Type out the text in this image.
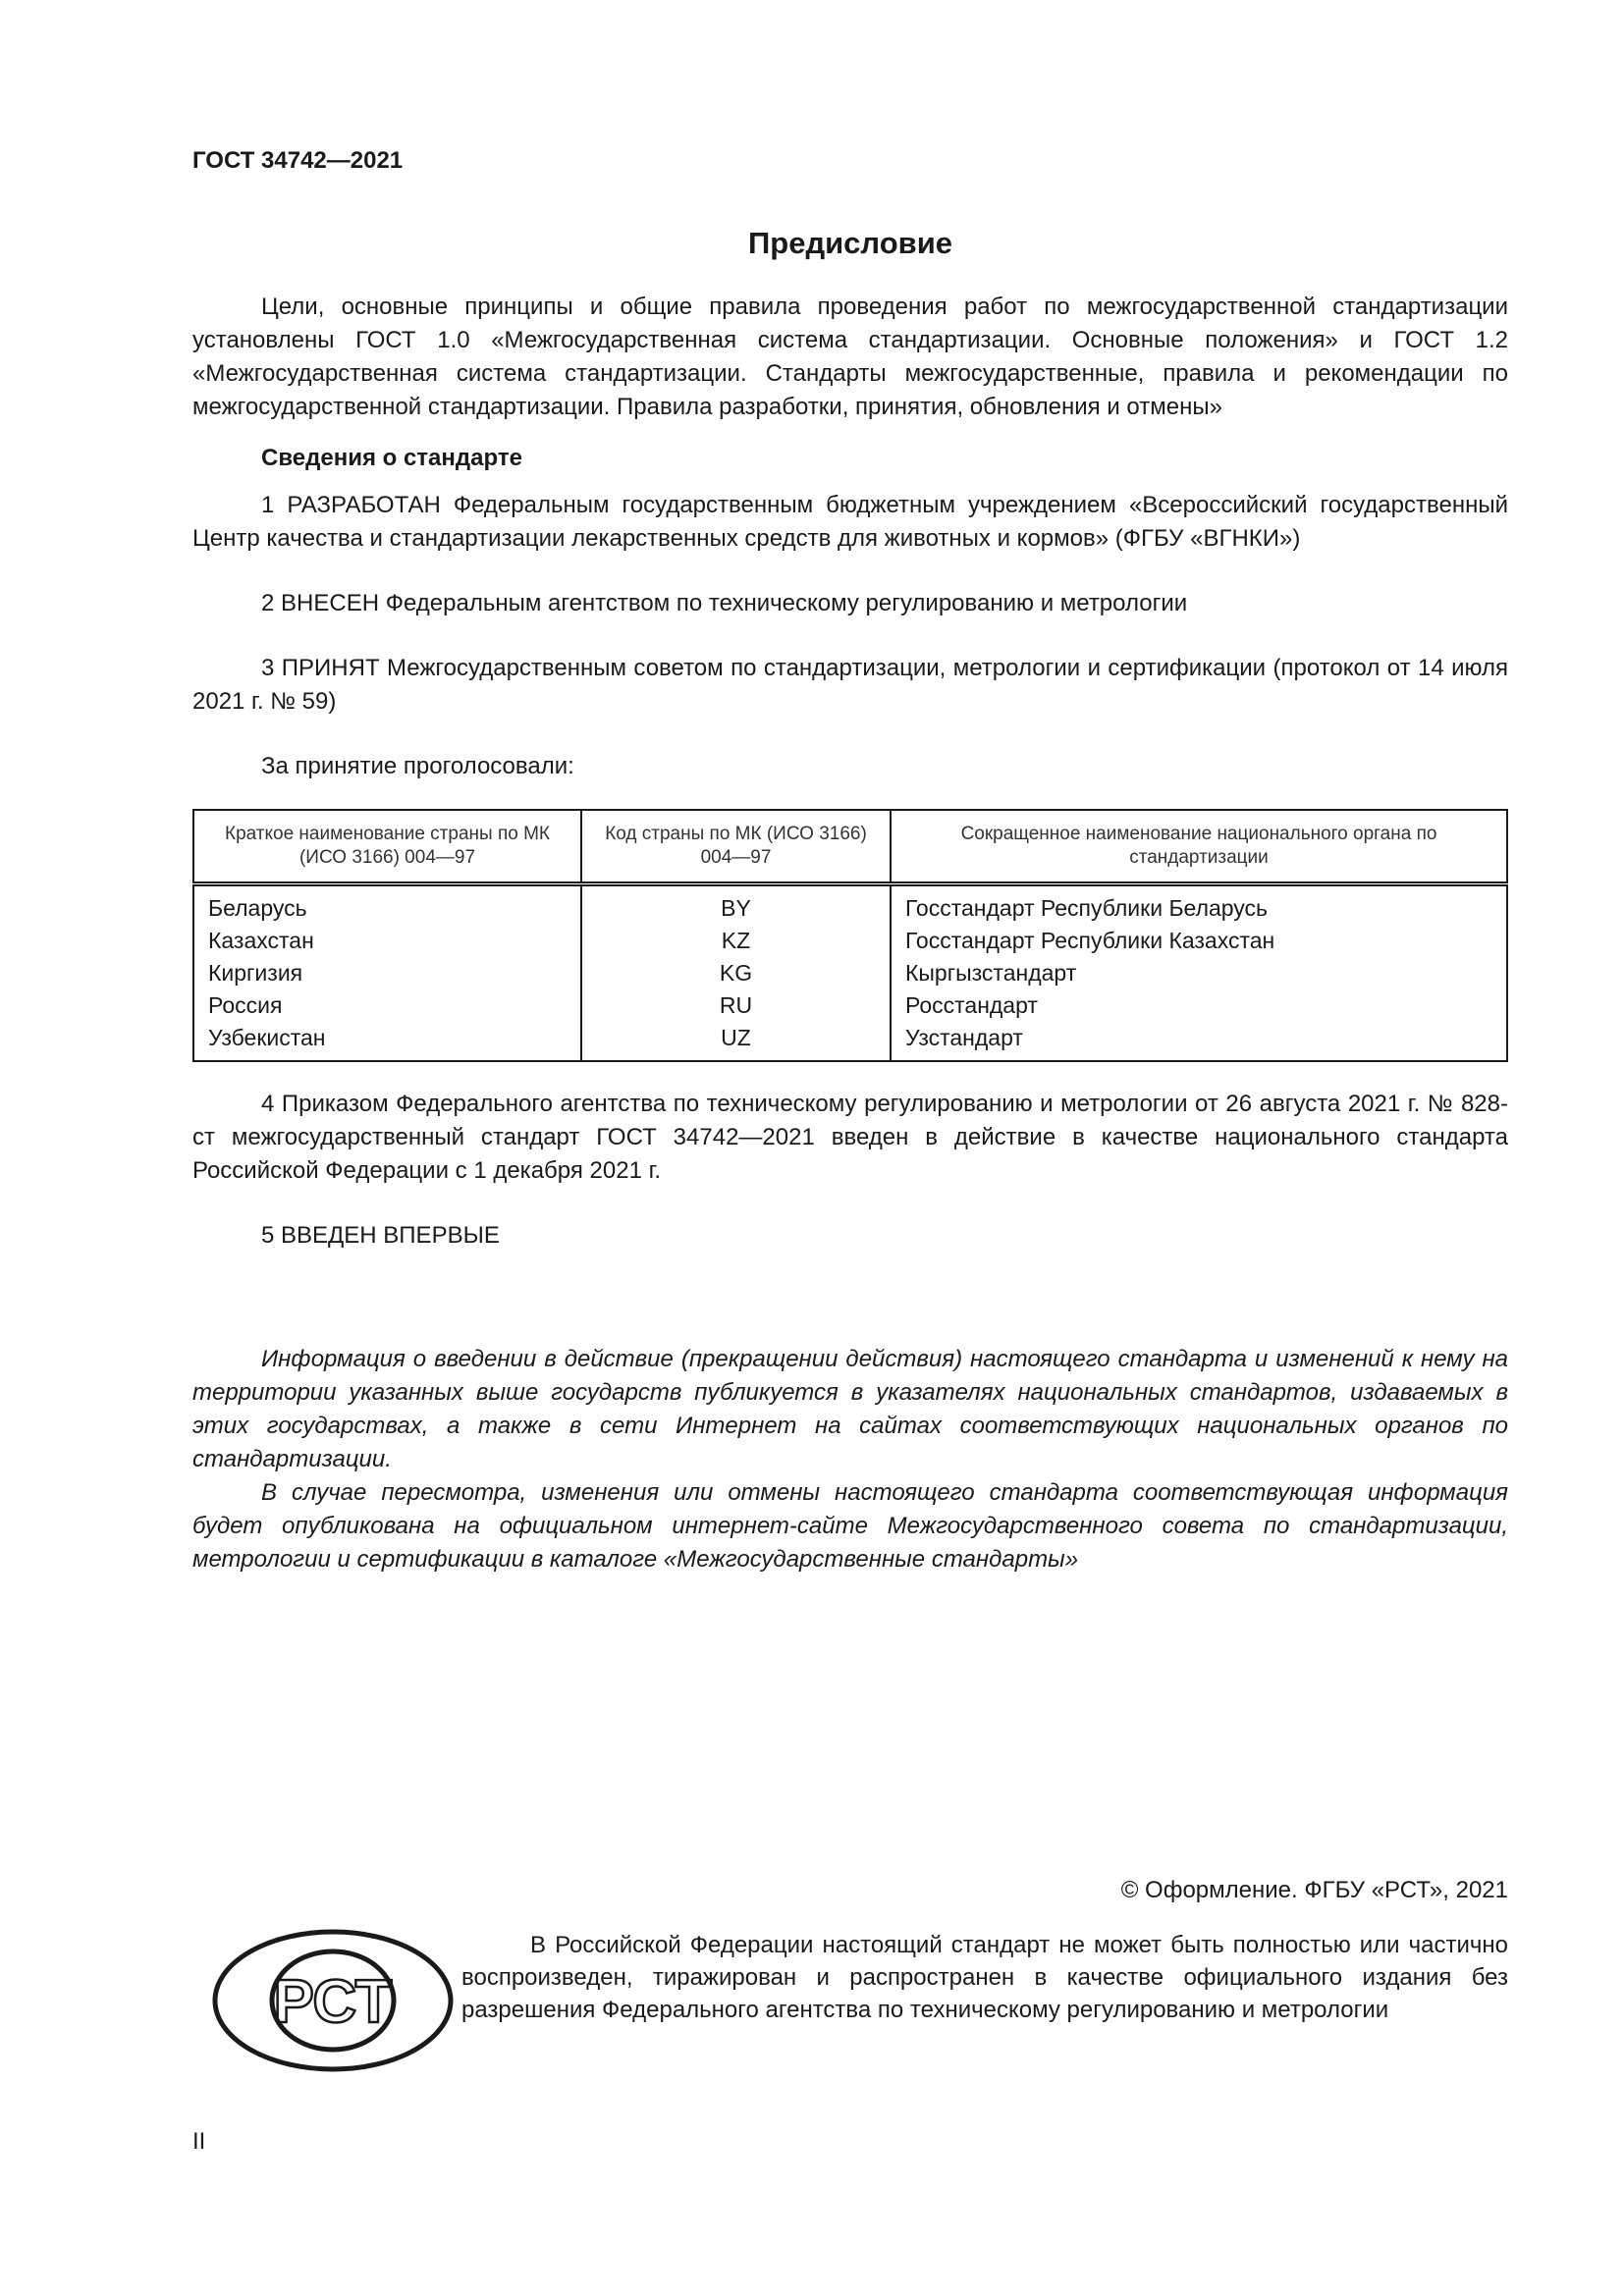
ГОСТ 34742—2021
Предисловие

Цели, основные принципы и общие правила проведения работ по межгосударственной стандартизации установлены ГОСТ 1.0 «Межгосударственная система стандартизации. Основные положения» и ГОСТ 1.2 «Межгосударственная система стандартизации. Стандарты межгосударственные, правила и рекомендации по межгосударственной стандартизации. Правила разработки, принятия, обновления и отмены»

Сведения о стандарте

1 РАЗРАБОТАН Федеральным государственным бюджетным учреждением «Всероссийский государственный Центр качества и стандартизации лекарственных средств для животных и кормов» (ФГБУ «ВГНКИ»)

2 ВНЕСЕН Федеральным агентством по техническому регулированию и метрологии

3 ПРИНЯТ Межгосударственным советом по стандартизации, метрологии и сертификации (протокол от 14 июля 2021 г. № 59)

За принятие проголосовали:

Краткое наименование страны по МК (ИСО 3166) 004—97	Код страны по МК (ИСО 3166) 004—97	Сокращенное наименование национального органа по стандартизации
Беларусь	BY	Госстандарт Республики Беларусь
Казахстан	KZ	Госстандарт Республики Казахстан
Киргизия	KG	Кыргызстандарт
Россия	RU	Росстандарт
Узбекистан	UZ	Узстандарт

4 Приказом Федерального агентства по техническому регулированию и метрологии от 26 августа 2021 г. № 828-ст межгосударственный стандарт ГОСТ 34742—2021 введен в действие в качестве национального стандарта Российской Федерации с 1 декабря 2021 г.

5 ВВЕДЕН ВПЕРВЫЕ

Информация о введении в действие (прекращении действия) настоящего стандарта и изменений к нему на территории указанных выше государств публикуется в указателях национальных стандартов, издаваемых в этих государствах, а также в сети Интернет на сайтах соответствующих национальных органов по стандартизации.

В случае пересмотра, изменения или отмены настоящего стандарта соответствующая информация будет опубликована на официальном интернет-сайте Межгосударственного совета по стандартизации, метрологии и сертификации в каталоге «Межгосударственные стандарты»

© Оформление. ФГБУ «РСТ», 2021
РСТ
В Российской Федерации настоящий стандарт не может быть полностью или частично воспроизведен, тиражирован и распространен в качестве официального издания без разрешения Федерального агентства по техническому регулированию и метрологии
II
